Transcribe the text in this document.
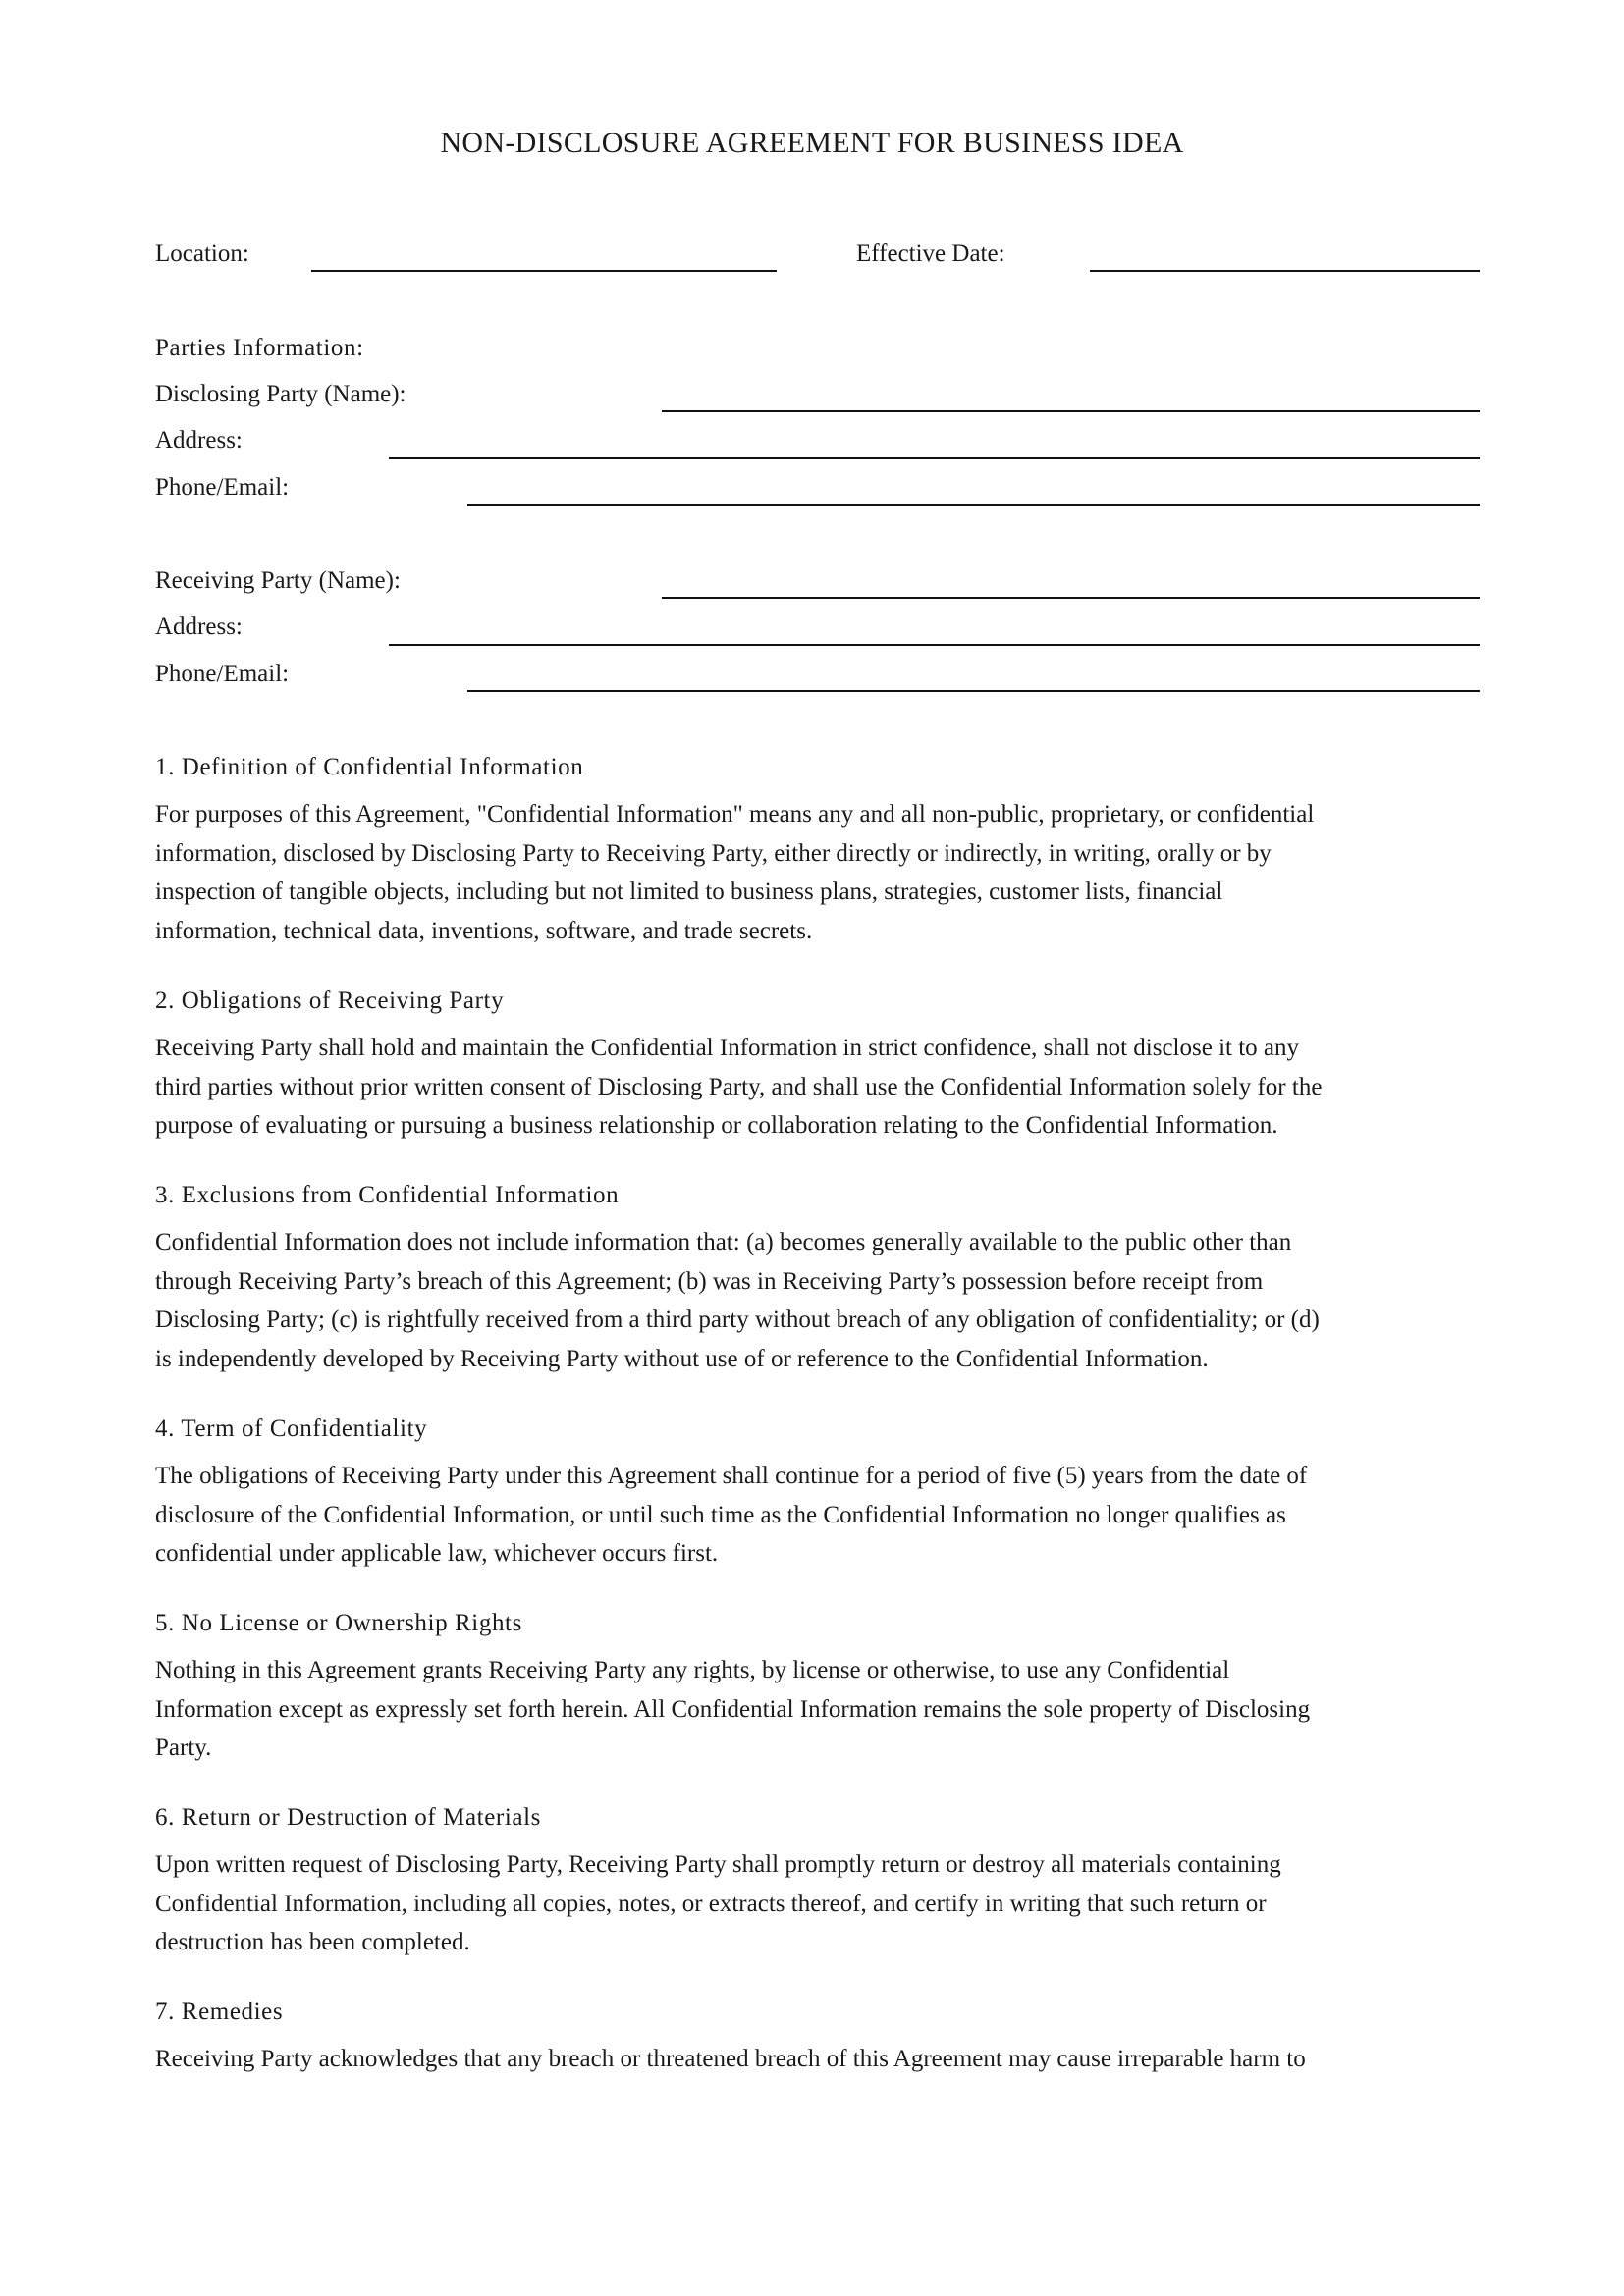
NON-DISCLOSURE AGREEMENT FOR BUSINESS IDEA
Location:	Effective Date:
Parties Information:
Disclosing Party (Name):
Address:
Phone/Email:
Receiving Party (Name):
Address:
Phone/Email:
1. Definition of Confidential Information
For purposes of this Agreement, "Confidential Information" means any and all non-public, proprietary, or confidential
information, disclosed by Disclosing Party to Receiving Party, either directly or indirectly, in writing, orally or by
inspection of tangible objects, including but not limited to business plans, strategies, customer lists, financial
information, technical data, inventions, software, and trade secrets.
2. Obligations of Receiving Party
Receiving Party shall hold and maintain the Confidential Information in strict confidence, shall not disclose it to any
third parties without prior written consent of Disclosing Party, and shall use the Confidential Information solely for the
purpose of evaluating or pursuing a business relationship or collaboration relating to the Confidential Information.
3. Exclusions from Confidential Information
Confidential Information does not include information that: (a) becomes generally available to the public other than
through Receiving Party’s breach of this Agreement; (b) was in Receiving Party’s possession before receipt from
Disclosing Party; (c) is rightfully received from a third party without breach of any obligation of confidentiality; or (d)
is independently developed by Receiving Party without use of or reference to the Confidential Information.
4. Term of Confidentiality
The obligations of Receiving Party under this Agreement shall continue for a period of five (5) years from the date of
disclosure of the Confidential Information, or until such time as the Confidential Information no longer qualifies as
confidential under applicable law, whichever occurs first.
5. No License or Ownership Rights
Nothing in this Agreement grants Receiving Party any rights, by license or otherwise, to use any Confidential
Information except as expressly set forth herein. All Confidential Information remains the sole property of Disclosing
Party.
6. Return or Destruction of Materials
Upon written request of Disclosing Party, Receiving Party shall promptly return or destroy all materials containing
Confidential Information, including all copies, notes, or extracts thereof, and certify in writing that such return or
destruction has been completed.
7. Remedies
Receiving Party acknowledges that any breach or threatened breach of this Agreement may cause irreparable harm to
